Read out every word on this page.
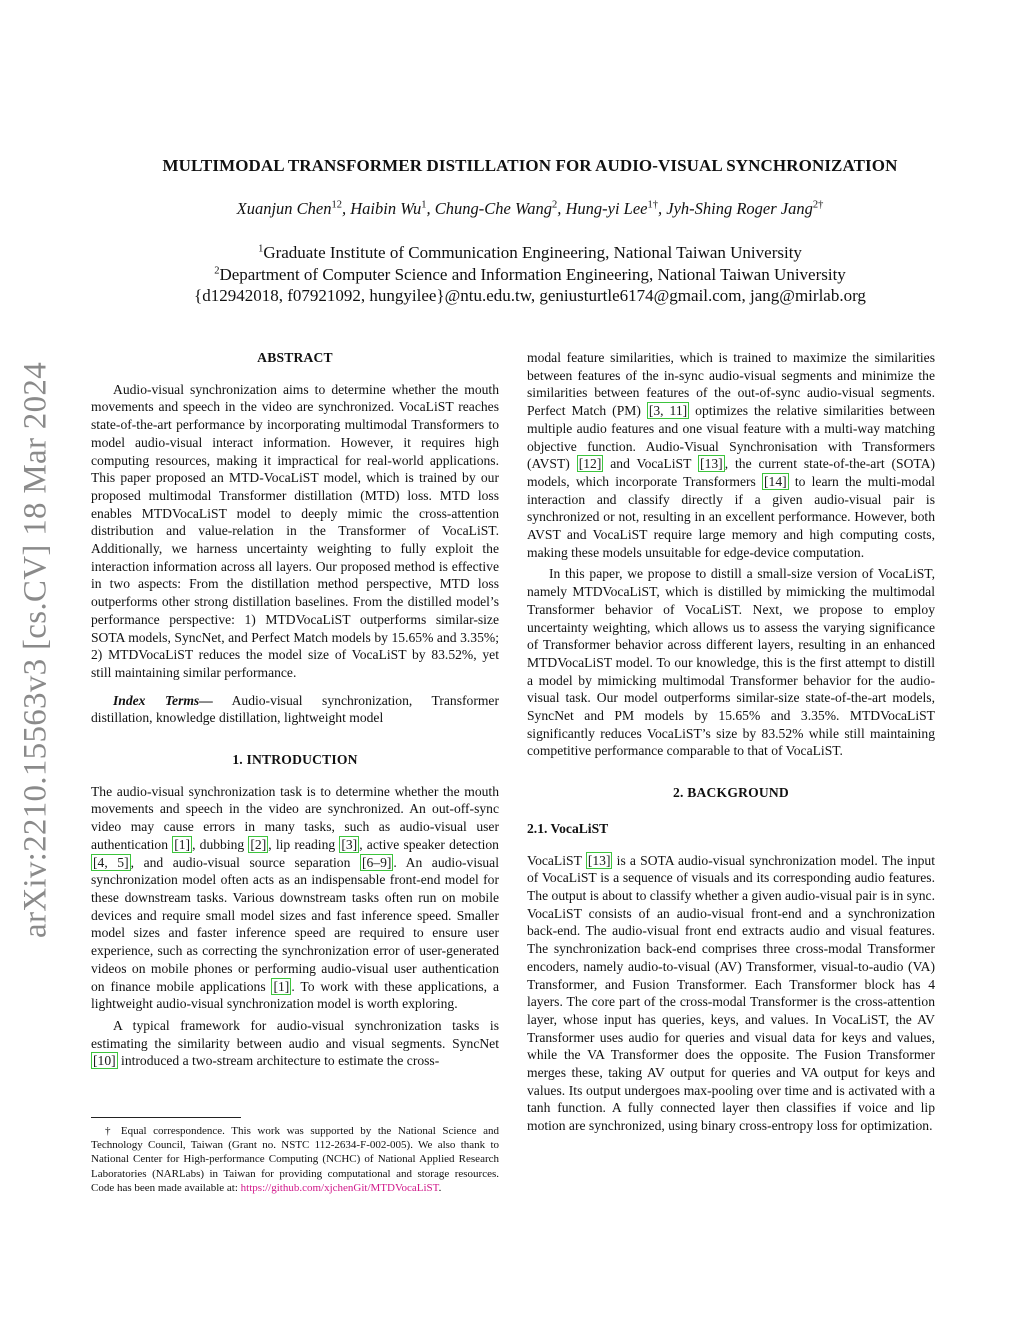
arXiv:2210.15563v3 [cs.CV] 18 Mar 2024
MULTIMODAL TRANSFORMER DISTILLATION FOR AUDIO-VISUAL SYNCHRONIZATION
Xuanjun Chen$^{12}$, Haibin Wu$^1$, Chung-Che Wang$^2$, Hung-yi Lee$^{1\dagger}$, Jyh-Shing Roger Jang$^{2\dagger}$
$^1$Graduate Institute of Communication Engineering, National Taiwan University
$^2$Department of Computer Science and Information Engineering, National Taiwan University
{d12942018, f07921092, hungyilee}@ntu.edu.tw, geniusturtle6174@gmail.com, jang@mirlab.org
ABSTRACT

Audio-visual synchronization aims to determine whether the mouth movements and speech in the video are synchronized. VocaLiST reaches state-of-the-art performance by incorporating multimodal Transformers to model audio-visual interact information. However, it requires high computing resources, making it impractical for real-world applications. This paper proposed an MTD-VocaLiST model, which is trained by our proposed multimodal Transformer distillation (MTD) loss. MTD loss enables MTDVocaLiST model to deeply mimic the cross-attention distribution and value-relation in the Transformer of VocaLiST. Additionally, we harness uncertainty weighting to fully exploit the interaction information across all layers. Our proposed method is effective in two aspects: From the distillation method perspective, MTD loss outperforms other strong distillation baselines. From the distilled model’s performance perspective: 1) MTDVocaLiST outperforms similar-size SOTA models, SyncNet, and Perfect Match models by 15.65% and 3.35%; 2) MTDVocaLiST reduces the model size of VocaLiST by 83.52%, yet still maintaining similar performance.

Index Terms— Audio-visual synchronization, Transformer distillation, knowledge distillation, lightweight model

1. INTRODUCTION

The audio-visual synchronization task is to determine whether the mouth movements and speech in the video are synchronized. An out-off-sync video may cause errors in many tasks, such as audio-visual user authentication [1] , dubbing [2] , lip reading [3] , active speaker detection [4, 5] , and audio-visual source separation [6–9] . An audio-visual synchronization model often acts as an indispensable front-end model for these downstream tasks. Various downstream tasks often run on mobile devices and require small model sizes and fast inference speed. Smaller model sizes and faster inference speed are required to ensure user experience, such as correcting the synchronization error of user-generated videos on mobile phones or performing audio-visual user authentication on finance mobile applications [1] . To work with these applications, a lightweight audio-visual synchronization model is worth exploring.

A typical framework for audio-visual synchronization tasks is estimating the similarity between audio and visual segments. SyncNet [10] introduced a two-stream architecture to estimate the cross-

modal feature similarities, which is trained to maximize the similarities between features of the in-sync audio-visual segments and minimize the similarities between features of the out-of-sync audio-visual segments. Perfect Match (PM) [3, 11] optimizes the relative similarities between multiple audio features and one visual feature with a multi-way matching objective function. Audio-Visual Synchronisation with Transformers (AVST) [12] and VocaLiST [13] , the current state-of-the-art (SOTA) models, which incorporate Transformers [14] to learn the multi-modal interaction and classify directly if a given audio-visual pair is synchronized or not, resulting in an excellent performance. However, both AVST and VocaLiST require large memory and high computing costs, making these models unsuitable for edge-device computation.

In this paper, we propose to distill a small-size version of VocaLiST, namely MTDVocaLiST, which is distilled by mimicking the multimodal Transformer behavior of VocaLiST. Next, we propose to employ uncertainty weighting, which allows us to assess the varying significance of Transformer behavior across different layers, resulting in an enhanced MTDVocaLiST model. To our knowledge, this is the first attempt to distill a model by mimicking multimodal Transformer behavior for the audio-visual task. Our model outperforms similar-size state-of-the-art models, SyncNet and PM models by 15.65% and 3.35%. MTDVocaLiST significantly reduces VocaLiST’s size by 83.52% while still maintaining competitive performance comparable to that of VocaLiST.

2. BACKGROUND
2.1. VocaLiST

VocaLiST [13] is a SOTA audio-visual synchronization model. The input of VocaLiST is a sequence of visuals and its corresponding audio features. The output is about to classify whether a given audio-visual pair is in sync. VocaLiST consists of an audio-visual front-end and a synchronization back-end. The audio-visual front end extracts audio and visual features. The synchronization back-end comprises three cross-modal Transformer encoders, namely audio-to-visual (AV) Transformer, visual-to-audio (VA) Transformer, and Fusion Transformer. Each Transformer block has 4 layers. The core part of the cross-modal Transformer is the cross-attention layer, whose input has queries, keys, and values. In VocaLiST, the AV Transformer uses audio for queries and visual data for keys and values, while the VA Transformer does the opposite. The Fusion Transformer merges these, taking AV output for queries and VA output for keys and values. Its output undergoes max-pooling over time and is activated with a tanh function. A fully connected layer then classifies if voice and lip motion are synchronized, using binary cross-entropy loss for optimization.

† Equal correspondence. This work was supported by the National Science and Technology Council, Taiwan (Grant no. NSTC 112-2634-F-002-005). We also thank to National Center for High-performance Computing (NCHC) of National Applied Research Laboratories (NARLabs) in Taiwan for providing computational and storage resources. Code has been made available at: https://github.com/xjchenGit/MTDVocaLiST.
